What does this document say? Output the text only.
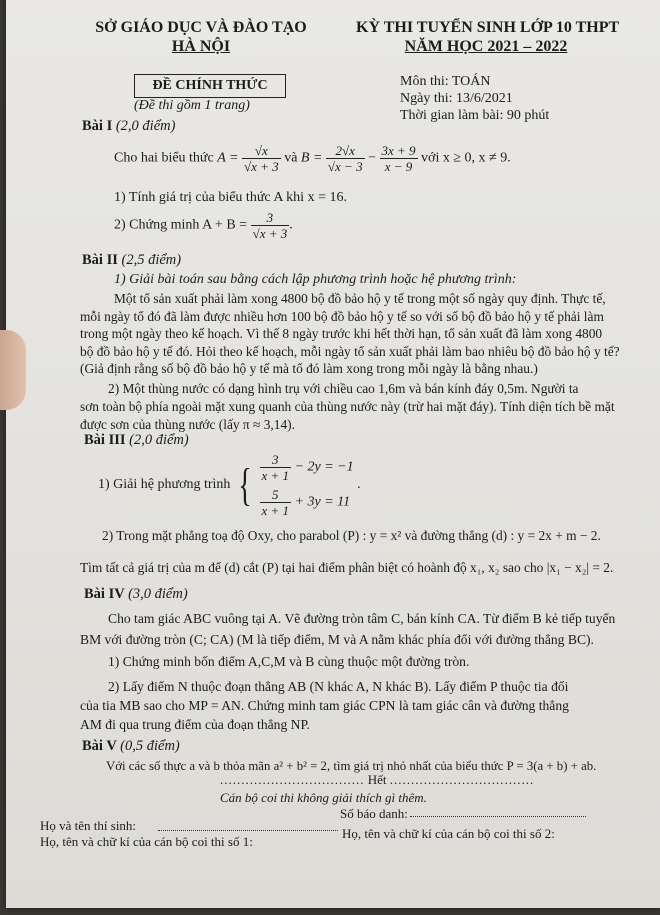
SỞ GIÁO DỤC VÀ ĐÀO TẠO
HÀ NỘI
ĐỀ CHÍNH THỨC
(Đề thi gồm 1 trang)
KỲ THI TUYỂN SINH LỚP 10 THPT
NĂM HỌC 2021 – 2022
Môn thi: TOÁN
Ngày thi: 13/6/2021
Thời gian làm bài: 90 phút
Bài I (2,0 điểm)
Cho hai biểu thức $A = \frac{√x}{√x + 3}$ và $B = \frac{2√x}{√x - 3} - \frac{3x + 9}{x - 9}$ với x ≥ 0, x ≠ 9.
1) Tính giá trị của biểu thức A khi x = 16.
2) Chứng minh $A + B = \frac{3}{√x + 3}$ .
Bài II (2,5 điểm)
1) Giải bài toán sau bằng cách lập phương trình hoặc hệ phương trình:
Một tổ sản xuất phải làm xong 4800 bộ đồ bảo hộ y tế trong một số ngày quy định. Thực tế,
mỗi ngày tổ đó đã làm được nhiều hơn 100 bộ đồ bảo hộ y tế so với số bộ đồ bảo hộ y tế phải làm
trong một ngày theo kế hoạch. Vì thế 8 ngày trước khi hết thời hạn, tổ sản xuất đã làm xong 4800
bộ đồ bảo hộ y tế đó. Hỏi theo kế hoạch, mỗi ngày tổ sản xuất phải làm bao nhiêu bộ đồ bảo hộ y tế?
(Giả định rằng số bộ đồ bảo hộ y tế mà tổ đó làm xong trong mỗi ngày là bằng nhau.)
2) Một thùng nước có dạng hình trụ với chiều cao 1,6m và bán kính đáy 0,5m. Người ta
sơn toàn bộ phía ngoài mặt xung quanh của thùng nước này (trừ hai mặt đáy). Tính diện tích bề mặt
được sơn của thùng nước (lấy π ≈ 3,14).
Bài III (2,0 điểm)
1) Giải hệ phương trình { $\frac{3}{x + 1} - 2y = -1$
$\frac{5}{x + 1} + 3y = 11$
.
2) Trong mặt phẳng toạ độ Oxy, cho parabol (P) : y = x² và đường thẳng (d) : y = 2x + m − 2.
Tìm tất cả giá trị của m để (d) cắt (P) tại hai điểm phân biệt có hoành độ x₁, x₂ sao cho |x₁ − x₂| = 2.
Bài IV (3,0 điểm)
Cho tam giác ABC vuông tại A. Vẽ đường tròn tâm C, bán kính CA. Từ điểm B kẻ tiếp tuyến
BM với đường tròn (C; CA) (M là tiếp điểm, M và A nằm khác phía đối với đường thẳng BC).
1) Chứng minh bốn điểm A,C,M và B cùng thuộc một đường tròn.
2) Lấy điểm N thuộc đoạn thẳng AB (N khác A, N khác B). Lấy điểm P thuộc tia đối
của tia MB sao cho MP = AN. Chứng minh tam giác CPN là tam giác cân và đường thẳng
AM đi qua trung điểm của đoạn thẳng NP.
Bài V (0,5 điểm)
Với các số thực a và b thỏa mãn a² + b² = 2, tìm giá trị nhỏ nhất của biểu thức P = 3(a + b) + ab.
.................................. Hết ..................................
Cán bộ coi thi không giải thích gì thêm.
Số báo danh:
Họ và tên thí sinh:
Họ, tên và chữ kí của cán bộ coi thi số 1:
Họ, tên và chữ kí của cán bộ coi thi số 2:
